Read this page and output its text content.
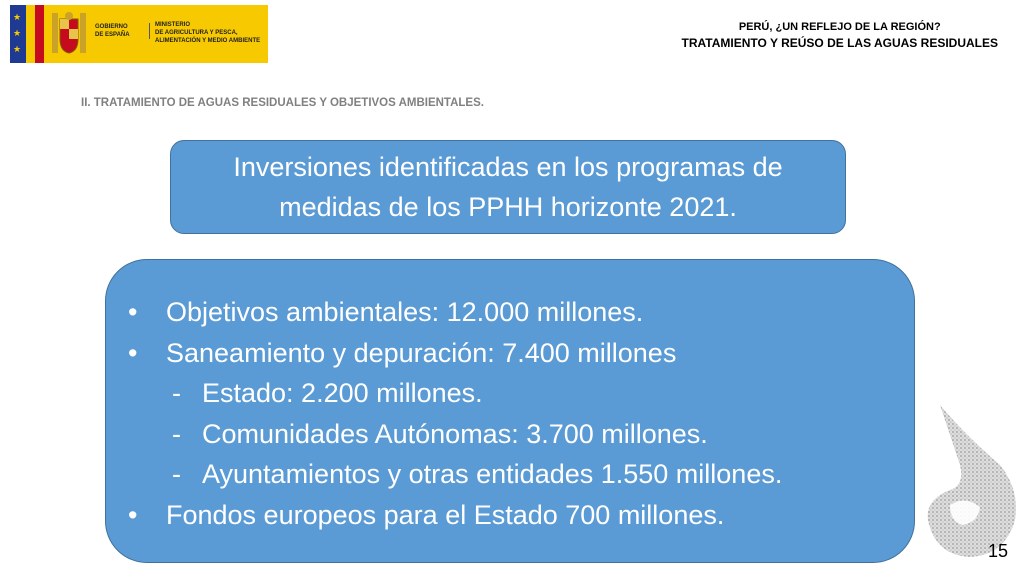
★
★
★
GOBIERNO
DE ESPAÑA
MINISTERIO
DE AGRICULTURA Y PESCA,
ALIMENTACIÓN Y MEDIO AMBIENTE
PERÚ, ¿UN REFLEJO DE LA REGIÓN?
TRATAMIENTO Y REÚSO DE LAS AGUAS RESIDUALES
II. TRATAMIENTO DE AGUAS RESIDUALES Y OBJETIVOS AMBIENTALES.
Inversiones identificadas en los programas de medidas de los PPHH horizonte 2021.
• Objetivos ambientales: 12.000 millones.
• Saneamiento y depuración: 7.400 millones
- Estado: 2.200 millones.
- Comunidades Autónomas: 3.700 millones.
- Ayuntamientos y otras entidades 1.550 millones.
• Fondos europeos para el Estado 700 millones.
15
